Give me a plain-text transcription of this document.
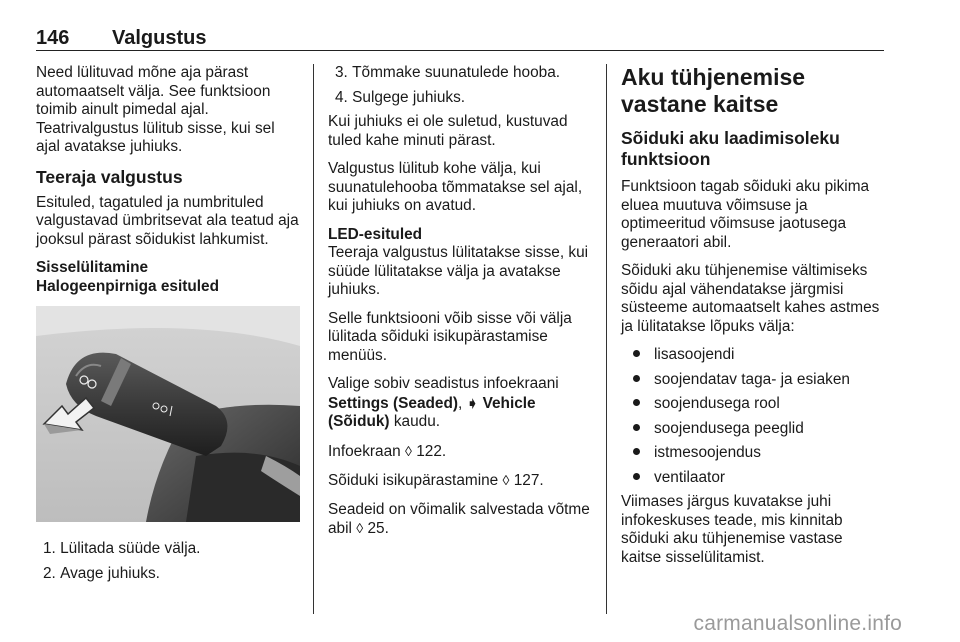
146 Valgustus

Need lülituvad mõne aja pärast automaatselt välja. See funktsioon toimib ainult pimedal ajal.

Teatrivalgustus lülitub sisse, kui sel ajal avatakse juhiuks.

Teeraja valgustus

Esituled, tagatuled ja numbrituled valgustavad ümbritsevat ala teatud aja jooksul pärast sõidukist lahkumist.

Sisselülitamine

Halogeenpirniga esituled

1. Lülitada süüde välja.
2. Avage juhiuks.
3. Tõmmake suunatulede hooba.
4. Sulgege juhiuks.

Kui juhiuks ei ole suletud, kustuvad tuled kahe minuti pärast.

Valgustus lülitub kohe välja, kui suunatulehooba tõmmatakse sel ajal, kui juhiuks on avatud.

LED-esituled

Teeraja valgustus lülitatakse sisse, kui süüde lülitatakse välja ja avatakse juhiuks.

Selle funktsiooni võib sisse või välja lülitada sõiduki isikupärastamise menüüs.

Valige sobiv seadistus infoekraani Settings (Seaded), ➧ Vehicle (Sõiduk) kaudu.

Infoekraan ◊ 122.

Sõiduki isikupärastamine ◊ 127.

Seadeid on võimalik salvestada võtme abil ◊ 25.

Aku tühjenemise vastane kaitse
Sõiduki aku laadimisoleku funktsioon

Funktsioon tagab sõiduki aku pikima eluea muutuva võimsuse ja optimeeritud võimsuse jaotusega generaatori abil.

Sõiduki aku tühjenemise vältimiseks sõidu ajal vähendatakse järgmisi süsteeme automaatselt kahes astmes ja lülitatakse lõpuks välja:

lisasoojendi
soojendatav taga- ja esiaken
soojendusega rool
soojendusega peeglid
istmesoojendus
ventilaator

Viimases järgus kuvatakse juhi infokeskuses teade, mis kinnitab sõiduki aku tühjenemise vastase kaitse sisselülitamist.

carmanualsonline.info
